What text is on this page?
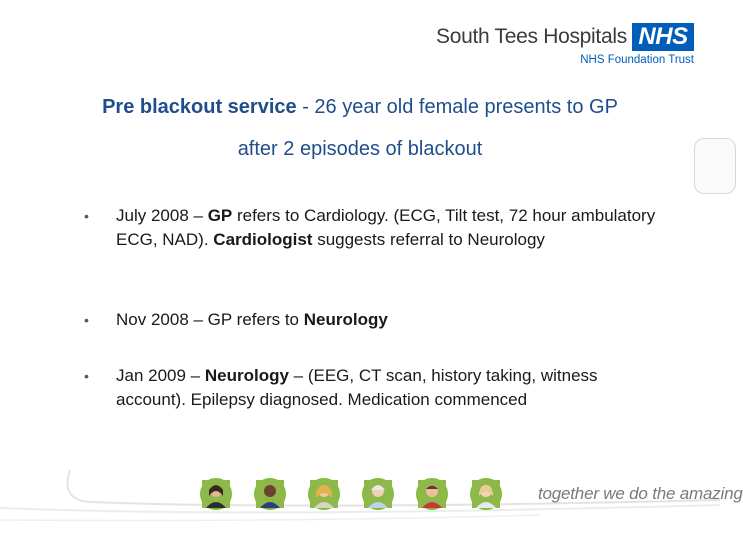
South Tees Hospitals NHS
NHS Foundation Trust
Pre blackout service - 26 year old female presents to GP
after 2 episodes of blackout
•	July 2008 – GP refers to Cardiology. (ECG, Tilt test, 72 hour ambulatory ECG, NAD). Cardiologist suggests referral to Neurology
•	Nov 2008 – GP refers to Neurology
•	Jan 2009 – Neurology – (EEG, CT scan, history taking, witness account). Epilepsy diagnosed. Medication commenced
together we do the amazing
